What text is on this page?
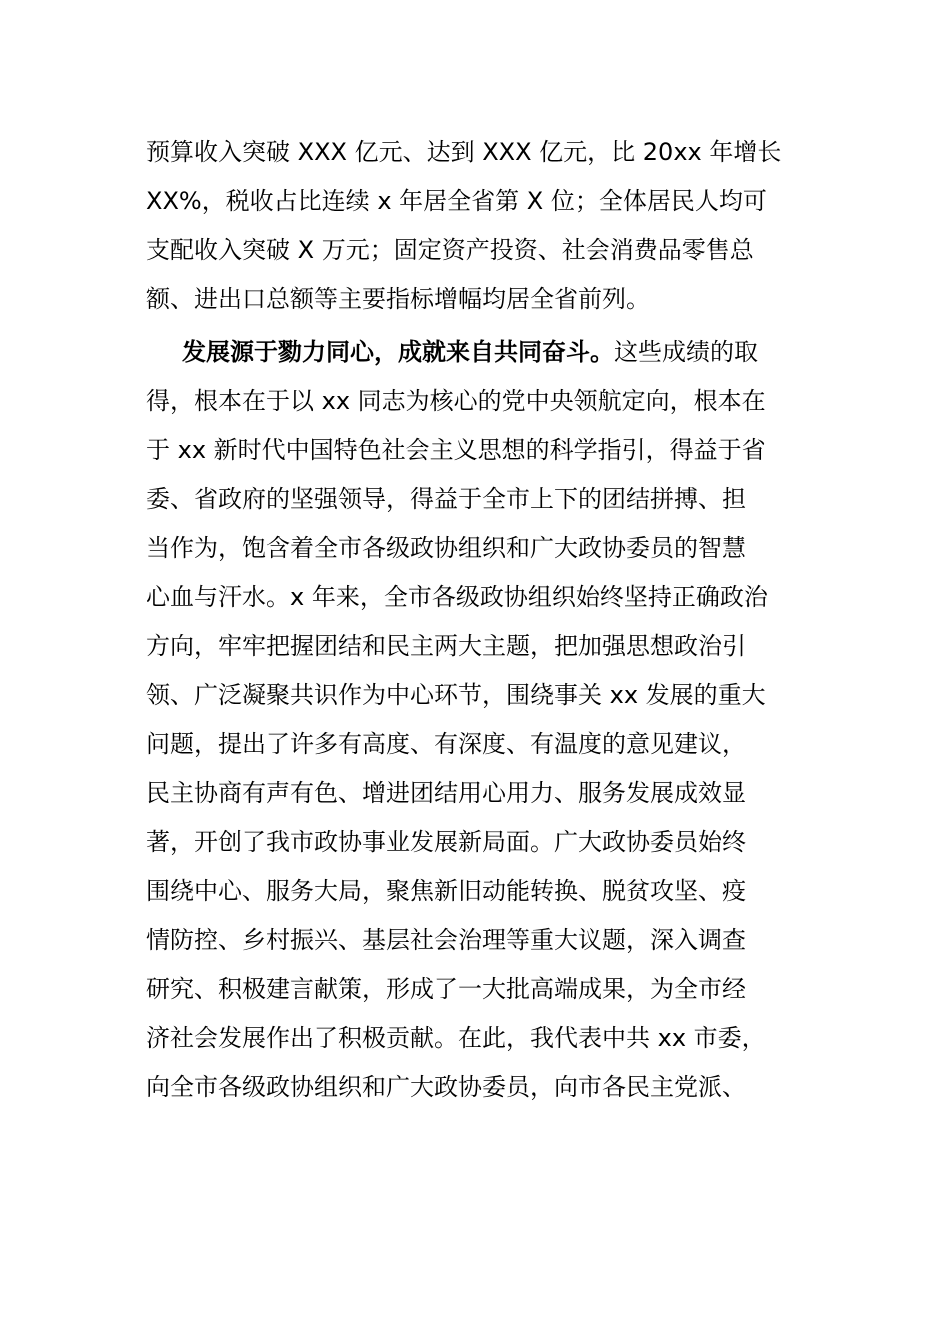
预算收入突破 XXX 亿元、达到 XXX 亿元，比 20xx 年增长
XX%，税收占比连续 x 年居全省第 X 位；全体居民人均可
支配收入突破 X 万元；固定资产投资、社会消费品零售总
额、进出口总额等主要指标增幅均居全省前列。
发展源于勠力同心，成就来自共同奋斗。这些成绩的取
得，根本在于以 xx 同志为核心的党中央领航定向，根本在
于 xx 新时代中国特色社会主义思想的科学指引，得益于省
委、省政府的坚强领导，得益于全市上下的团结拼搏、担
当作为，饱含着全市各级政协组织和广大政协委员的智慧
心血与汗水。x 年来，全市各级政协组织始终坚持正确政治
方向，牢牢把握团结和民主两大主题，把加强思想政治引
领、广泛凝聚共识作为中心环节，围绕事关 xx 发展的重大
问题，提出了许多有高度、有深度、有温度的意见建议，
民主协商有声有色、增进团结用心用力、服务发展成效显
著，开创了我市政协事业发展新局面。广大政协委员始终
围绕中心、服务大局，聚焦新旧动能转换、脱贫攻坚、疫
情防控、乡村振兴、基层社会治理等重大议题，深入调查
研究、积极建言献策，形成了一大批高端成果，为全市经
济社会发展作出了积极贡献。在此，我代表中共 xx 市委，
向全市各级政协组织和广大政协委员，向市各民主党派、
